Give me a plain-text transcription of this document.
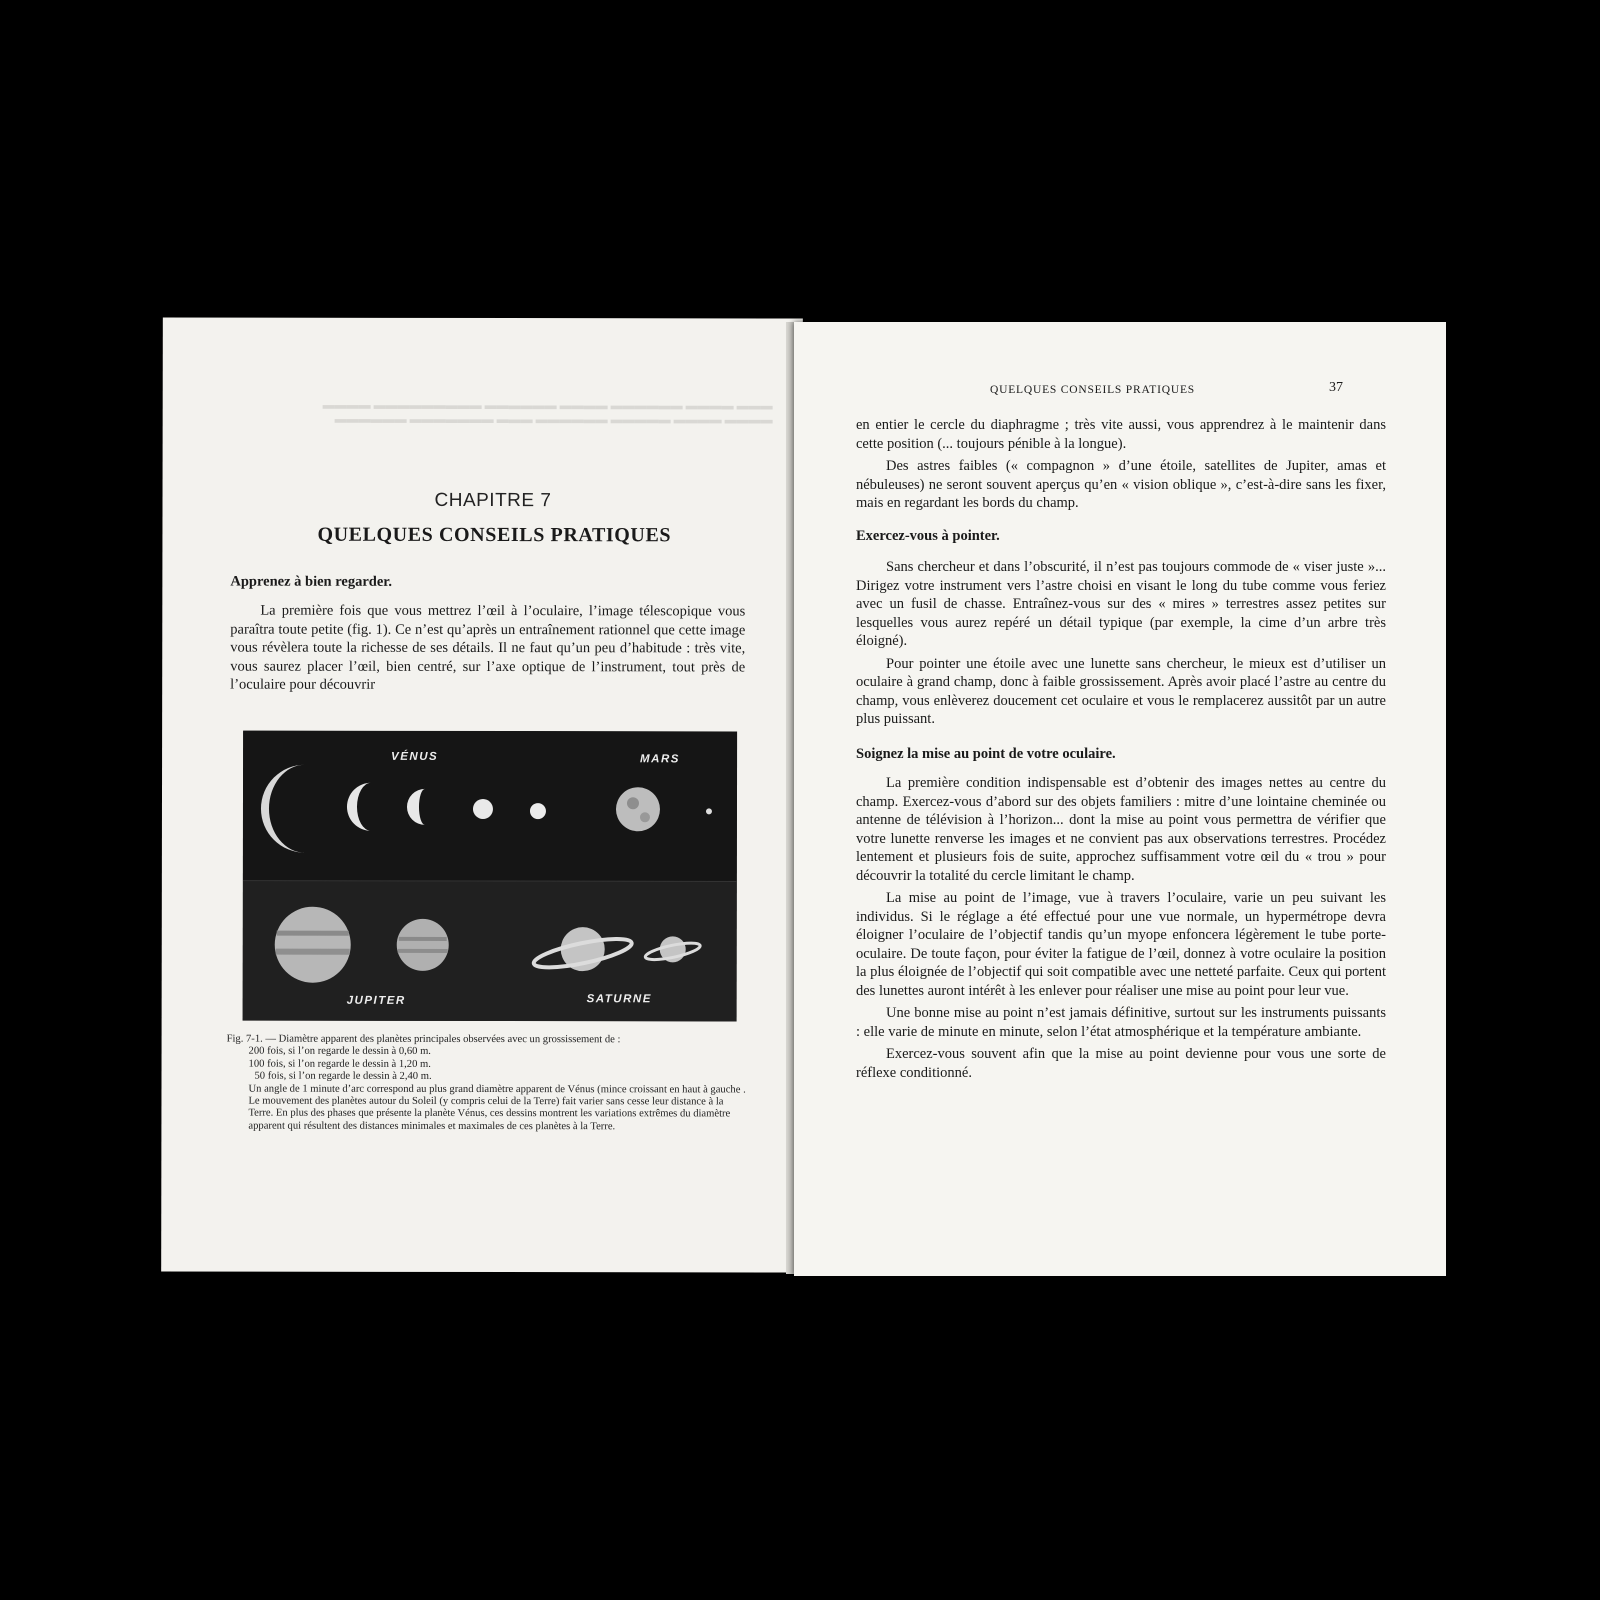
▬▬▬ ▬▬▬▬ ▬▬▬▬▬▬ ▬▬▬▬ ▬▬▬▬▬▬ ▬▬▬▬▬▬▬▬▬ ▬▬▬▬
▬▬▬▬ ▬▬▬▬ ▬▬▬▬▬ ▬▬▬▬▬▬ ▬▬▬ ▬▬▬▬▬▬▬ ▬▬▬▬▬▬
CHAPITRE 7
QUELQUES CONSEILS PRATIQUES
Apprenez à bien regarder.

La première fois que vous mettrez l’œil à l’oculaire, l’image télescopique vous paraîtra toute petite (fig. 1). Ce n’est qu’après un entraînement rationnel que cette image vous révèlera toute la richesse de ses détails. Il ne faut qu’un peu d’habitude : très vite, vous saurez placer l’œil, bien centré, sur l’axe optique de l’instrument, tout près de l’oculaire pour découvrir

VÉNUS	MARS
JUPITER	SATURNE
Fig. 7-1. — Diamètre apparent des planètes principales observées avec un grossissement de :
200 fois, si l’on regarde le dessin à 0,60 m.
100 fois, si l’on regarde le dessin à 1,20 m.
50 fois, si l’on regarde le dessin à 2,40 m.
Un angle de 1 minute d’arc correspond au plus grand diamètre apparent de Vénus (mince croissant en haut à gauche .
Le mouvement des planètes autour du Soleil (y compris celui de la Terre) fait varier sans cesse leur distance à la Terre. En plus des phases que présente la planète Vénus, ces dessins montrent les variations extrêmes du diamètre apparent qui résultent des distances minimales et maximales de ces planètes à la Terre.
QUELQUES CONSEILS PRATIQUES	37

en entier le cercle du diaphragme ; très vite aussi, vous apprendrez à le maintenir dans cette position (... toujours pénible à la longue).

Des astres faibles (« compagnon » d’une étoile, satellites de Jupiter, amas et nébuleuses) ne seront souvent aperçus qu’en « vision oblique », c’est-à-dire sans les fixer, mais en regardant les bords du champ.

Exercez-vous à pointer.

Sans chercheur et dans l’obscurité, il n’est pas toujours commode de « viser juste »... Dirigez votre instrument vers l’astre choisi en visant le long du tube comme vous feriez avec un fusil de chasse. Entraînez-vous sur des « mires » terrestres assez petites sur lesquelles vous aurez repéré un détail typique (par exemple, la cime d’un arbre très éloigné).

Pour pointer une étoile avec une lunette sans chercheur, le mieux est d’utiliser un oculaire à grand champ, donc à faible grossissement. Après avoir placé l’astre au centre du champ, vous enlèverez doucement cet oculaire et vous le remplacerez aussitôt par un autre plus puissant.

Soignez la mise au point de votre oculaire.

La première condition indispensable est d’obtenir des images nettes au centre du champ. Exercez-vous d’abord sur des objets familiers : mitre d’une lointaine cheminée ou antenne de télévision à l’horizon... dont la mise au point vous permettra de vérifier que votre lunette renverse les images et ne convient pas aux observations terrestres. Procédez lentement et plusieurs fois de suite, approchez suffisamment votre œil du « trou » pour découvrir la totalité du cercle limitant le champ.

La mise au point de l’image, vue à travers l’oculaire, varie un peu suivant les individus. Si le réglage a été effectué pour une vue normale, un hypermétrope devra éloigner l’oculaire de l’objectif tandis qu’un myope enfoncera légèrement le tube porte-oculaire. De toute façon, pour éviter la fatigue de l’œil, donnez à votre oculaire la position la plus éloignée de l’objectif qui soit compatible avec une netteté parfaite. Ceux qui portent des lunettes auront intérêt à les enlever pour réaliser une mise au point pour leur vue.

Une bonne mise au point n’est jamais définitive, surtout sur les instruments puissants : elle varie de minute en minute, selon l’état atmosphérique et la température ambiante.

Exercez-vous souvent afin que la mise au point devienne pour vous une sorte de réflexe conditionné.
